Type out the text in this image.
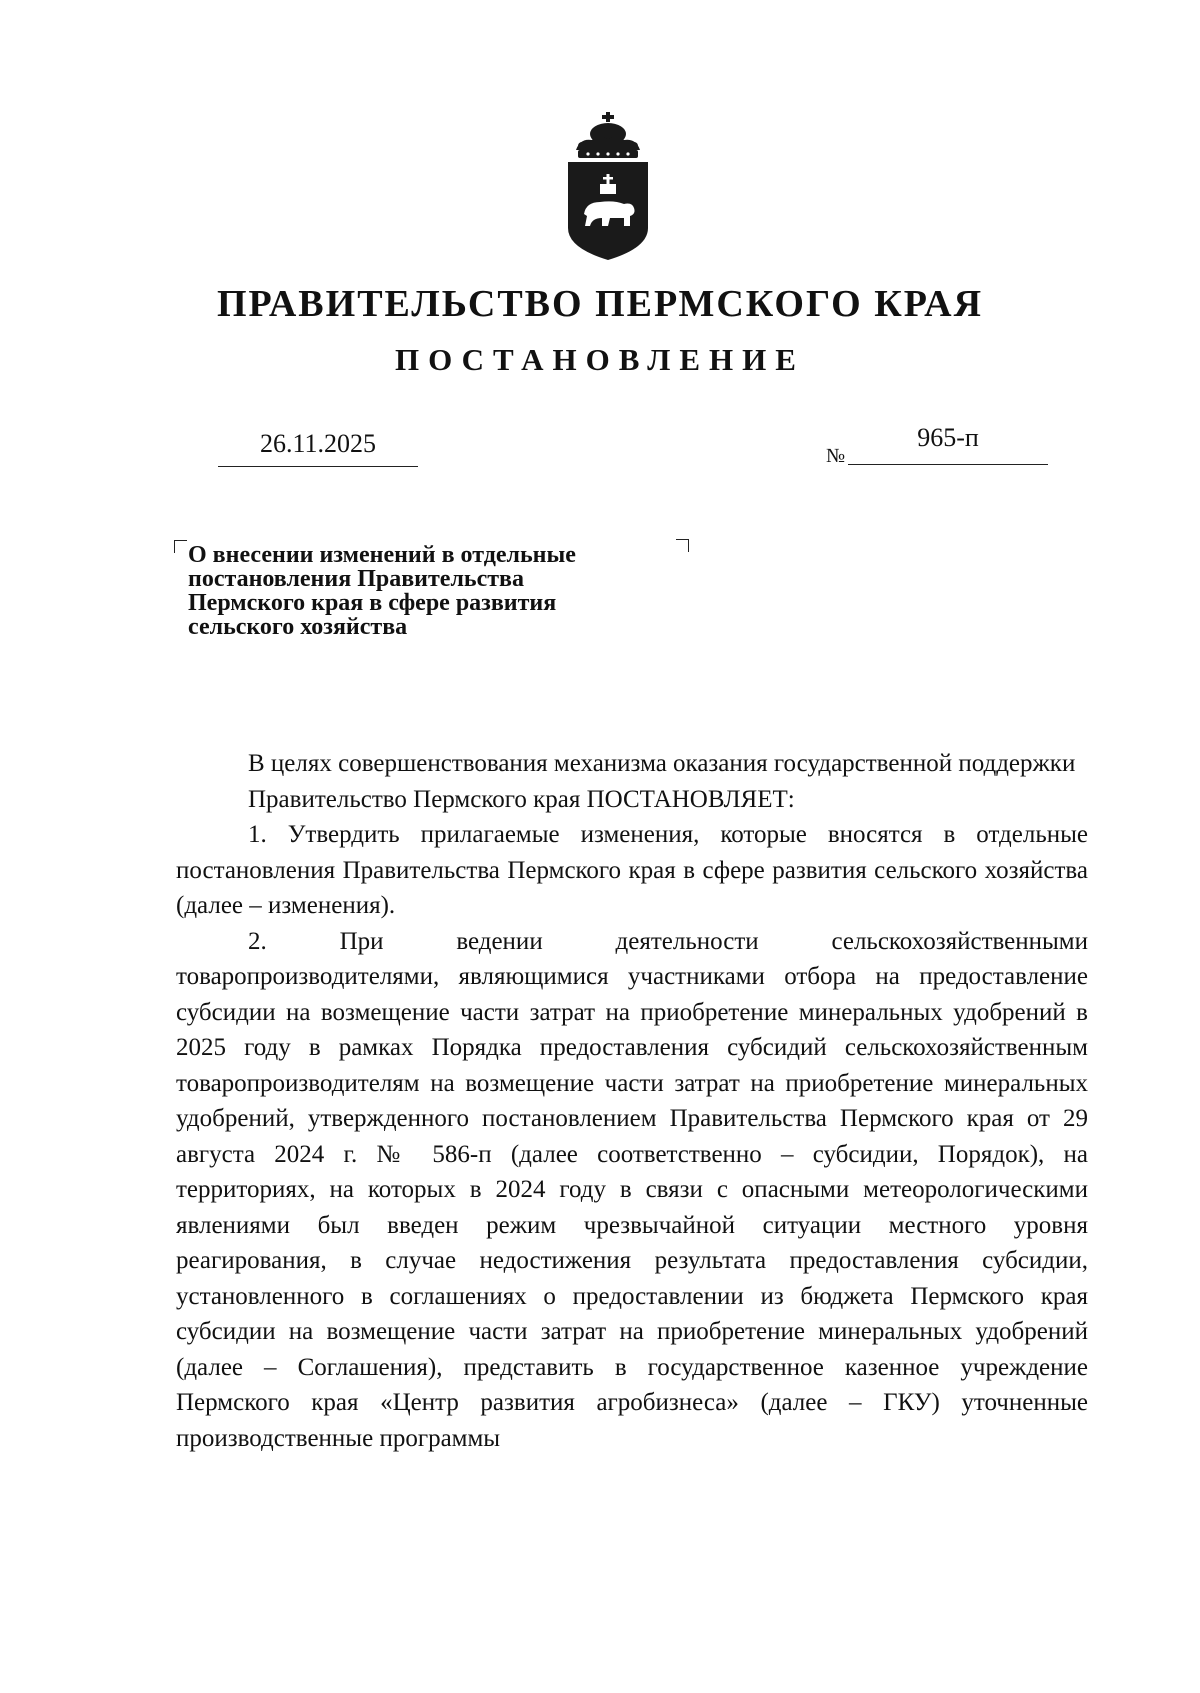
ПРАВИТЕЛЬСТВО ПЕРМСКОГО КРАЯ
ПОСТАНОВЛЕНИЕ
26.11.2025	№
965-п
О внесении изменений в отдельные
постановления Правительства
Пермского края в сфере развития
сельского хозяйства

В целях совершенствования механизма оказания государственной поддержки

Правительство Пермского края ПОСТАНОВЛЯЕТ:

1. Утвердить прилагаемые изменения, которые вносятся в отдельные постановления Правительства Пермского края в сфере развития сельского хозяйства (далее – изменения).

2. При ведении деятельности сельскохозяйственными товаропроизводителями, являющимися участниками отбора на предоставление субсидии на возмещение части затрат на приобретение минеральных удобрений в 2025 году в рамках Порядка предоставления субсидий сельскохозяйственным товаропроизводителям на возмещение части затрат на приобретение минеральных удобрений, утвержденного постановлением Правительства Пермского края от 29 августа 2024 г. № 586-п (далее соответственно – субсидии, Порядок), на территориях, на которых в 2024 году в связи с опасными метеорологическими явлениями был введен режим чрезвычайной ситуации местного уровня реагирования, в случае недостижения результата предоставления субсидии, установленного в соглашениях о предоставлении из бюджета Пермского края субсидии на возмещение части затрат на приобретение минеральных удобрений (далее – Соглашения), представить в государственное казенное учреждение Пермского края «Центр развития агробизнеса» (далее – ГКУ) уточненные производственные программы
